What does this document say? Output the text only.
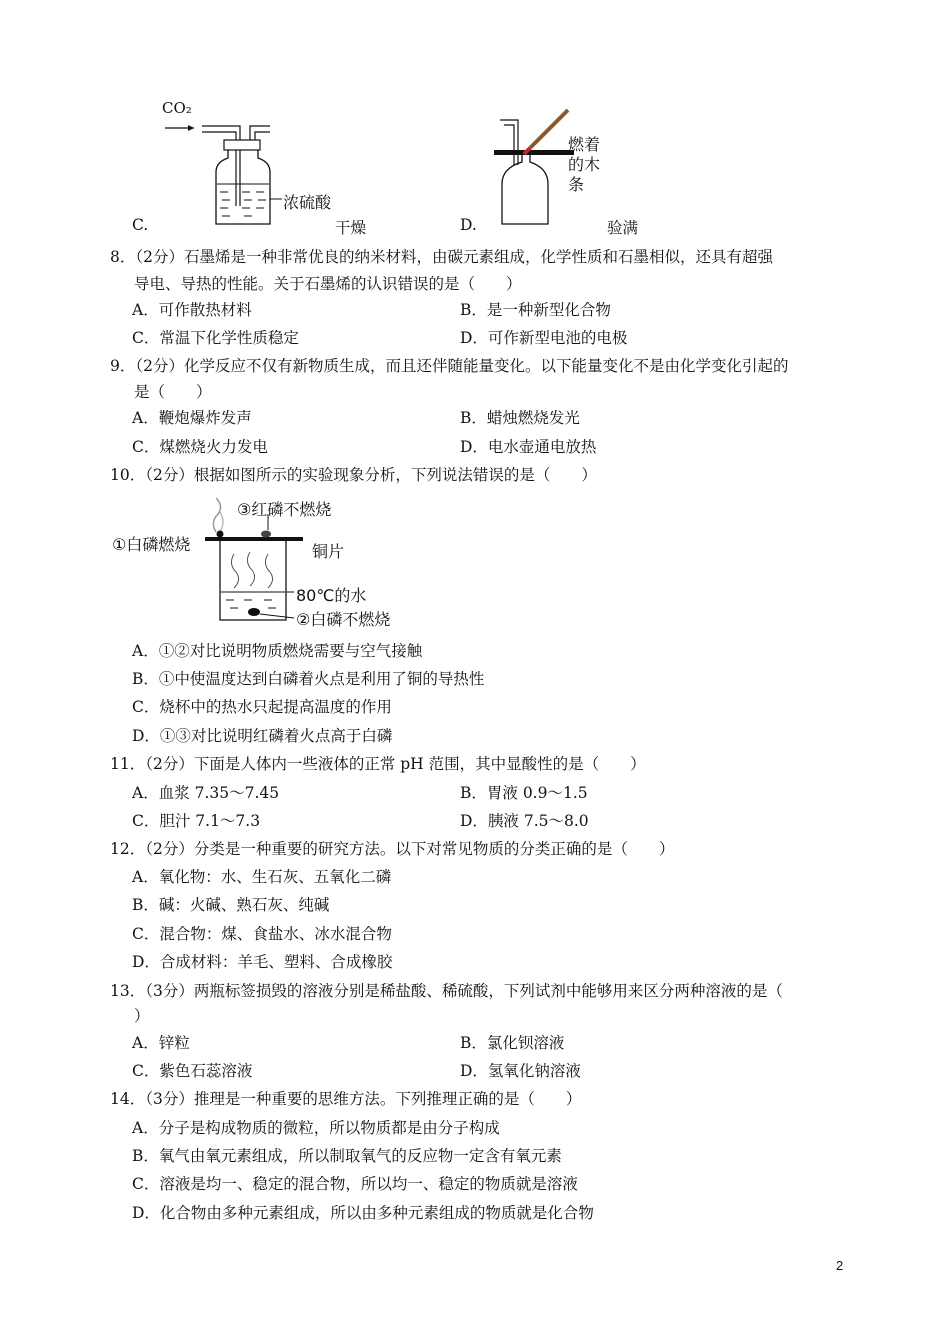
CO₂
浓硫酸
C.	干燥
燃着的木条
D.	验满
8．（2分）石墨烯是一种非常优良的纳米材料，由碳元素组成，化学性质和石墨相似，还具有超强
导电、导热的性能。关于石墨烯的认识错误的是（　　）
A．可作散热材料	B．是一种新型化合物
C．常温下化学性质稳定	D．可作新型电池的电极
9．（2分）化学反应不仅有新物质生成，而且还伴随能量变化。以下能量变化不是由化学变化引起的
是（　　）
A．鞭炮爆炸发声	B．蜡烛燃烧发光
C．煤燃烧火力发电	D．电水壶通电放热
10．（2分）根据如图所示的实验现象分析，下列说法错误的是（　　）
③红磷不燃烧
①白磷燃烧	铜片
80℃的水
②白磷不燃烧
A．①②对比说明物质燃烧需要与空气接触
B．①中使温度达到白磷着火点是利用了铜的导热性
C．烧杯中的热水只起提高温度的作用
D．①③对比说明红磷着火点高于白磷
11．（2分）下面是人体内一些液体的正常 pH 范围，其中显酸性的是（　　）
A．血浆 7.35～7.45	B．胃液 0.9～1.5
C．胆汁 7.1～7.3	D．胰液 7.5～8.0
12．（2分）分类是一种重要的研究方法。以下对常见物质的分类正确的是（　　）
A．氧化物：水、生石灰、五氧化二磷
B．碱：火碱、熟石灰、纯碱
C．混合物：煤、食盐水、冰水混合物
D．合成材料：羊毛、塑料、合成橡胶
13．（3分）两瓶标签损毁的溶液分别是稀盐酸、稀硫酸，下列试剂中能够用来区分两种溶液的是（
）
A．锌粒	B．氯化钡溶液
C．紫色石蕊溶液	D．氢氧化钠溶液
14．（3分）推理是一种重要的思维方法。下列推理正确的是（　　）
A．分子是构成物质的微粒，所以物质都是由分子构成
B．氧气由氧元素组成，所以制取氧气的反应物一定含有氧元素
C．溶液是均一、稳定的混合物，所以均一、稳定的物质就是溶液
D．化合物由多种元素组成，所以由多种元素组成的物质就是化合物
2
